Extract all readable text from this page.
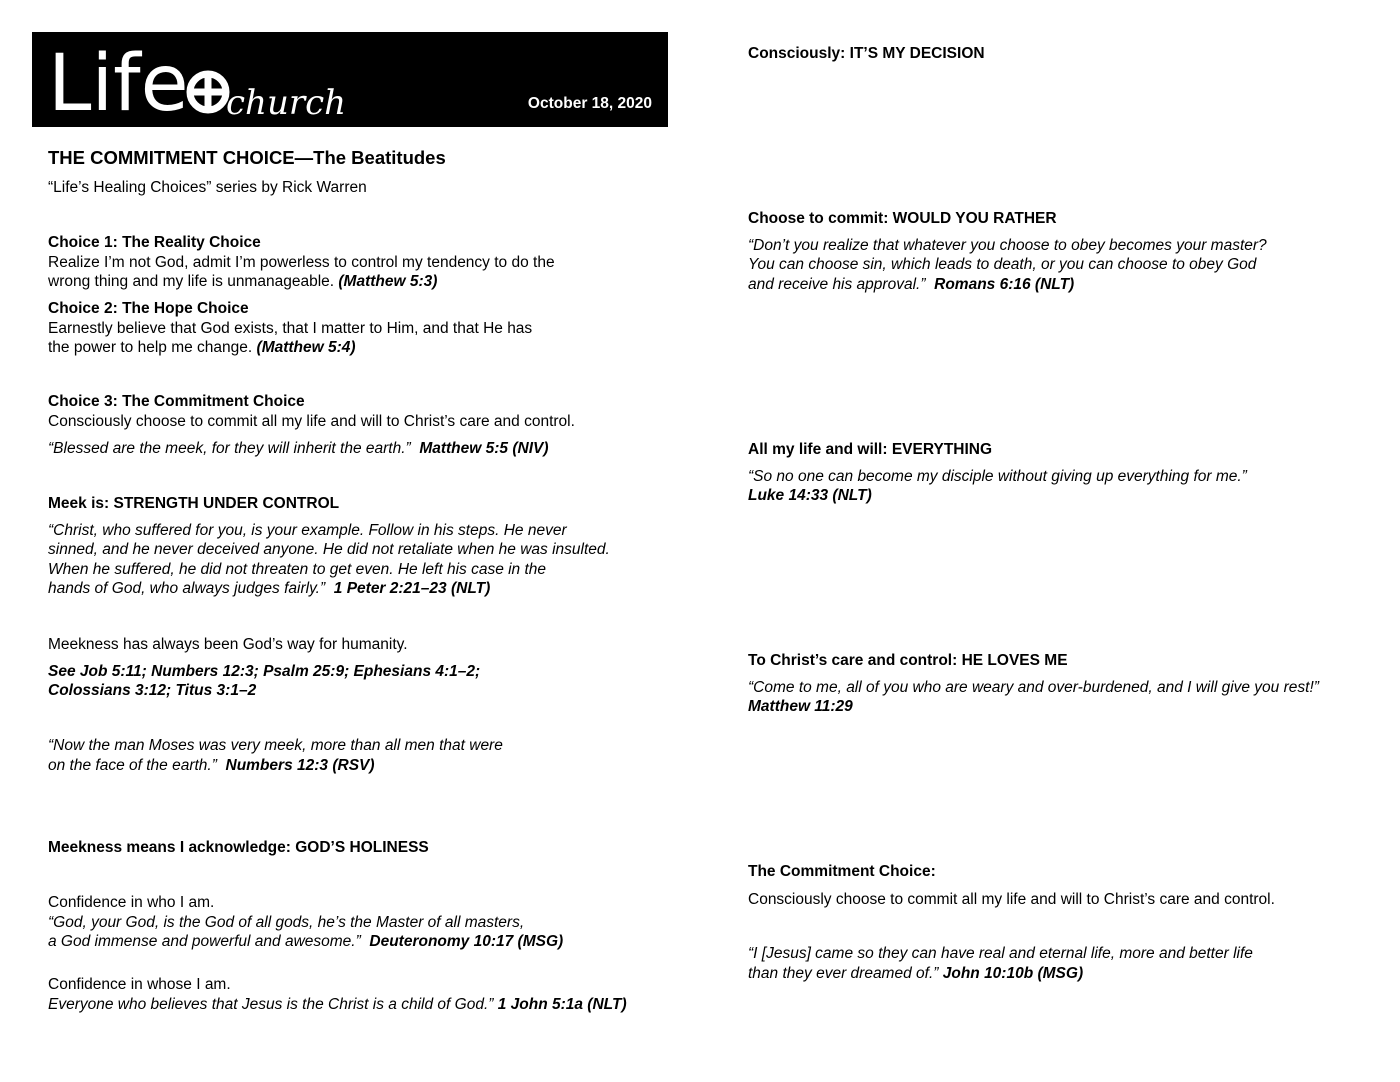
Life church	October 18, 2020

THE COMMITMENT CHOICE—The Beatitudes

“Life’s Healing Choices” series by Rick Warren

Choice 1: The Reality Choice
Realize I’m not God, admit I’m powerless to control my tendency to do the
wrong thing and my life is unmanageable. (Matthew 5:3)
Choice 2: The Hope Choice
Earnestly believe that God exists, that I matter to Him, and that He has
the power to help me change. (Matthew 5:4)
Choice 3: The Commitment Choice
Consciously choose to commit all my life and will to Christ’s care and control.
“Blessed are the meek, for they will inherit the earth.” Matthew 5:5 (NIV)
Meek is: STRENGTH UNDER CONTROL
“Christ, who suffered for you, is your example. Follow in his steps. He never
sinned, and he never deceived anyone. He did not retaliate when he was insulted.
When he suffered, he did not threaten to get even. He left his case in the
hands of God, who always judges fairly.” 1 Peter 2:21–23 (NLT)
Meekness has always been God’s way for humanity.
See Job 5:11; Numbers 12:3; Psalm 25:9; Ephesians 4:1–2;
Colossians 3:12; Titus 3:1–2
“Now the man Moses was very meek, more than all men that were
on the face of the earth.” Numbers 12:3 (RSV)
Meekness means I acknowledge: GOD’S HOLINESS
Confidence in who I am.
“God, your God, is the God of all gods, he’s the Master of all masters,
a God immense and powerful and awesome.” Deuteronomy 10:17 (MSG)
Confidence in whose I am.
Everyone who believes that Jesus is the Christ is a child of God.” 1 John 5:1a (NLT)
Consciously: IT’S MY DECISION
Choose to commit: WOULD YOU RATHER
“Don’t you realize that whatever you choose to obey becomes your master?
You can choose sin, which leads to death, or you can choose to obey God
and receive his approval.” Romans 6:16 (NLT)
All my life and will: EVERYTHING
“So no one can become my disciple without giving up everything for me.”
Luke 14:33 (NLT)
To Christ’s care and control: HE LOVES ME
“Come to me, all of you who are weary and over-burdened, and I will give you rest!”
Matthew 11:29
The Commitment Choice:
Consciously choose to commit all my life and will to Christ’s care and control.
“I [Jesus] came so they can have real and eternal life, more and better life
than they ever dreamed of.” John 10:10b (MSG)
